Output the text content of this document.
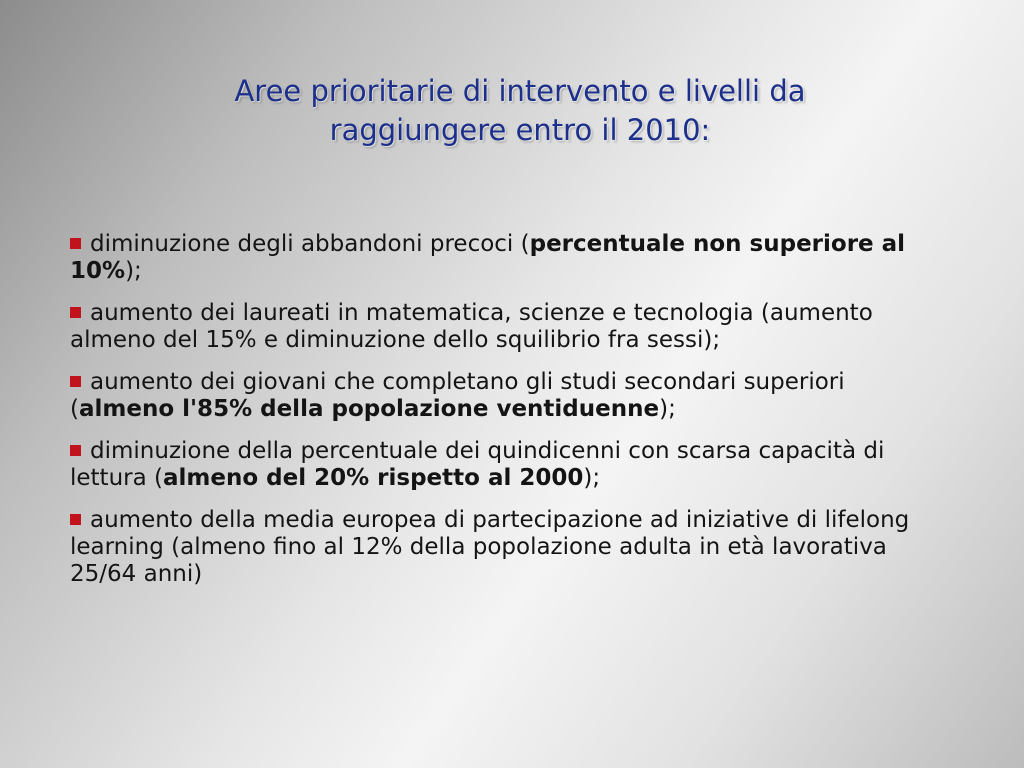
Aree prioritarie di intervento e livelli da
raggiungere entro il 2010:
diminuzione degli abbandoni precoci (percentuale non superiore al 10%);
aumento dei laureati in matematica, scienze e tecnologia (aumento almeno del 15% e diminuzione dello squilibrio fra sessi);
aumento dei giovani che completano gli studi secondari superiori (almeno l'85% della popolazione ventiduenne);
diminuzione della percentuale dei quindicenni con scarsa capacità di lettura (almeno del 20% rispetto al 2000);
aumento della media europea di partecipazione ad iniziative di lifelong learning (almeno fino al 12% della popolazione adulta in età lavorativa 25/64 anni)
